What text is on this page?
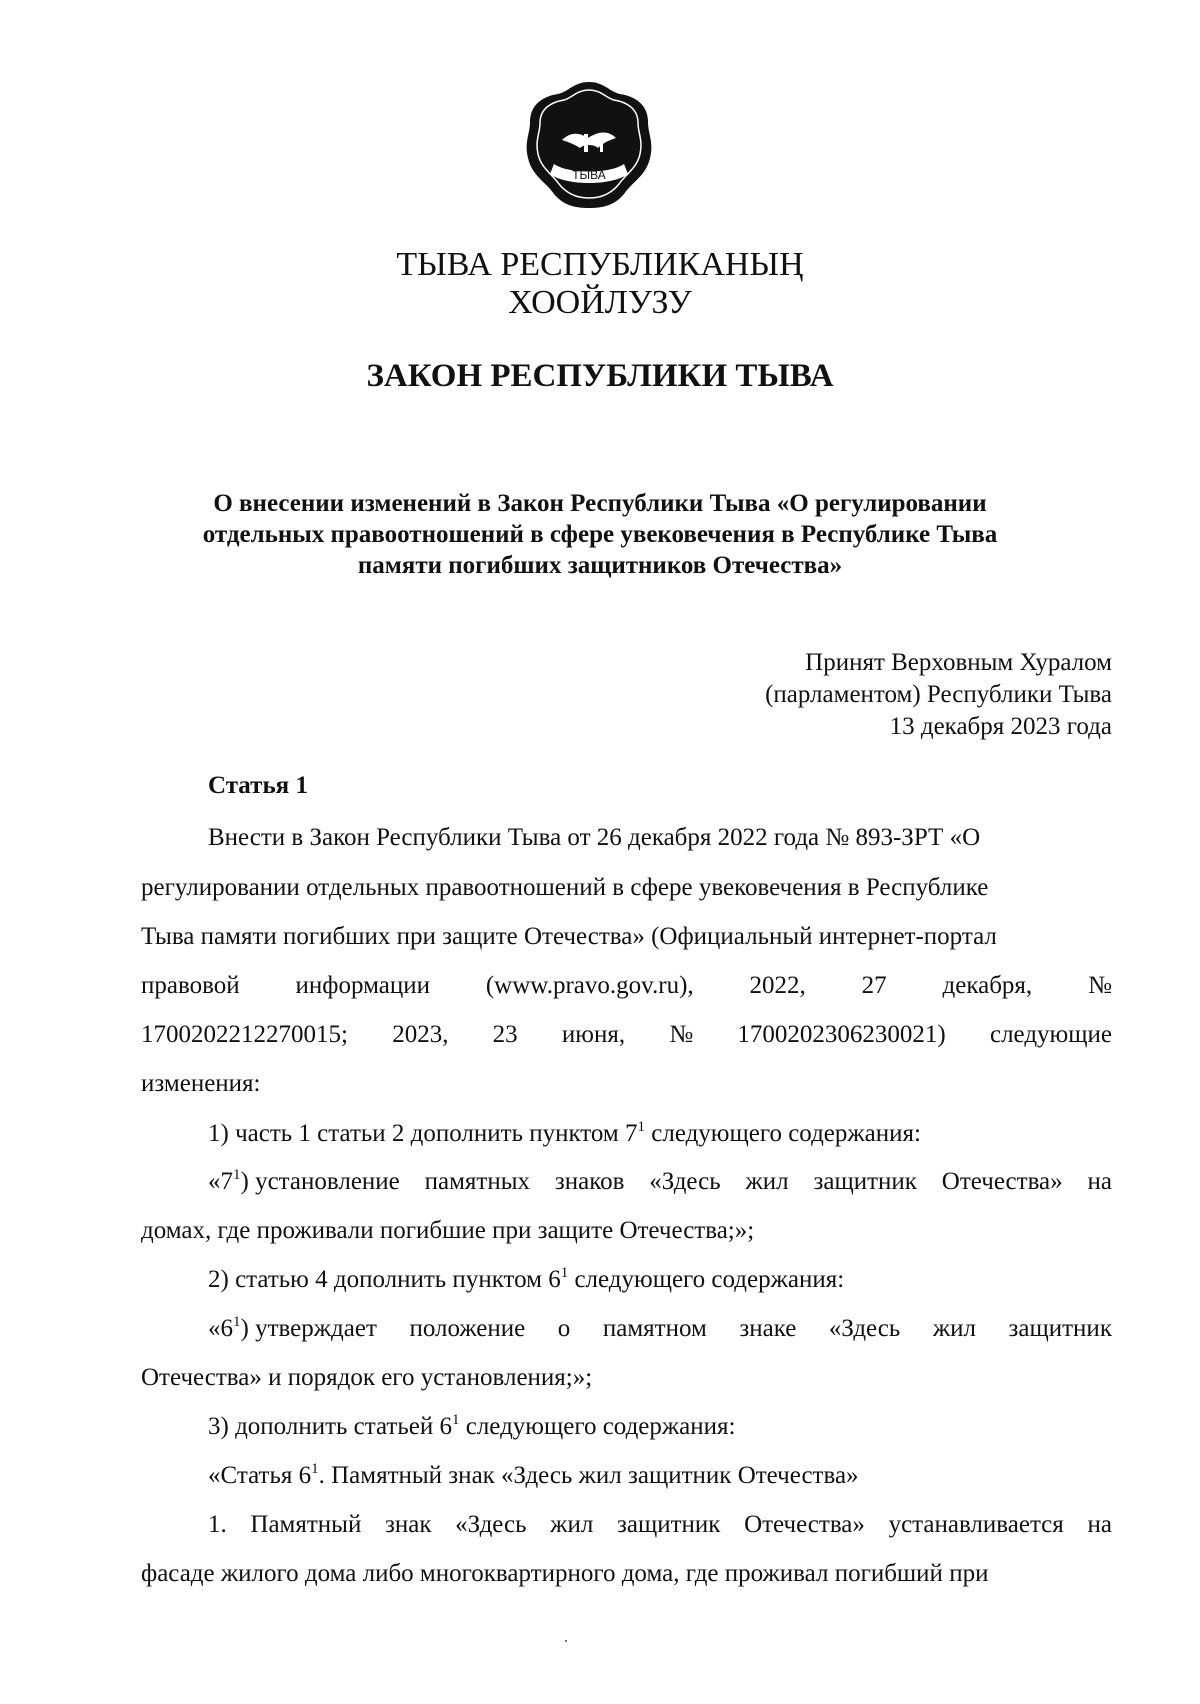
ТЫВА
ТЫВА РЕСПУБЛИКАНЫҢ
ХООЙЛУЗУ
ЗАКОН РЕСПУБЛИКИ ТЫВА
О внесении изменений в Закон Республики Тыва «О регулировании
отдельных правоотношений в сфере увековечения в Республике Тыва
памяти погибших защитников Отечества»
Принят Верховным Хуралом
(парламентом) Республики Тыва
13 декабря 2023 года
Статья 1
Внести в Закон Республики Тыва от 26 декабря 2022 года № 893-ЗРТ «О
регулировании отдельных правоотношений в сфере увековечения в Республике
Тыва памяти погибших при защите Отечества» (Официальный интернет-портал
правовой информации (www.pravo.gov.ru), 2022, 27 декабря, №
1700202212270015; 2023, 23 июня, № 1700202306230021) следующие
изменения:
1) часть 1 статьи 2 дополнить пунктом $7^1$ следующего содержания:
«$7^1$) установление памятных знаков «Здесь жил защитник Отечества» на
домах, где проживали погибшие при защите Отечества;»;
2) статью 4 дополнить пунктом $6^1$ следующего содержания:
«$6^1$) утверждает положение о памятном знаке «Здесь жил защитник
Отечества» и порядок его установления;»;
3) дополнить статьей $6^1$ следующего содержания:
«Статья $6^1$. Памятный знак «Здесь жил защитник Отечества»
1. Памятный знак «Здесь жил защитник Отечества» устанавливается на
фасаде жилого дома либо многоквартирного дома, где проживал погибший при
